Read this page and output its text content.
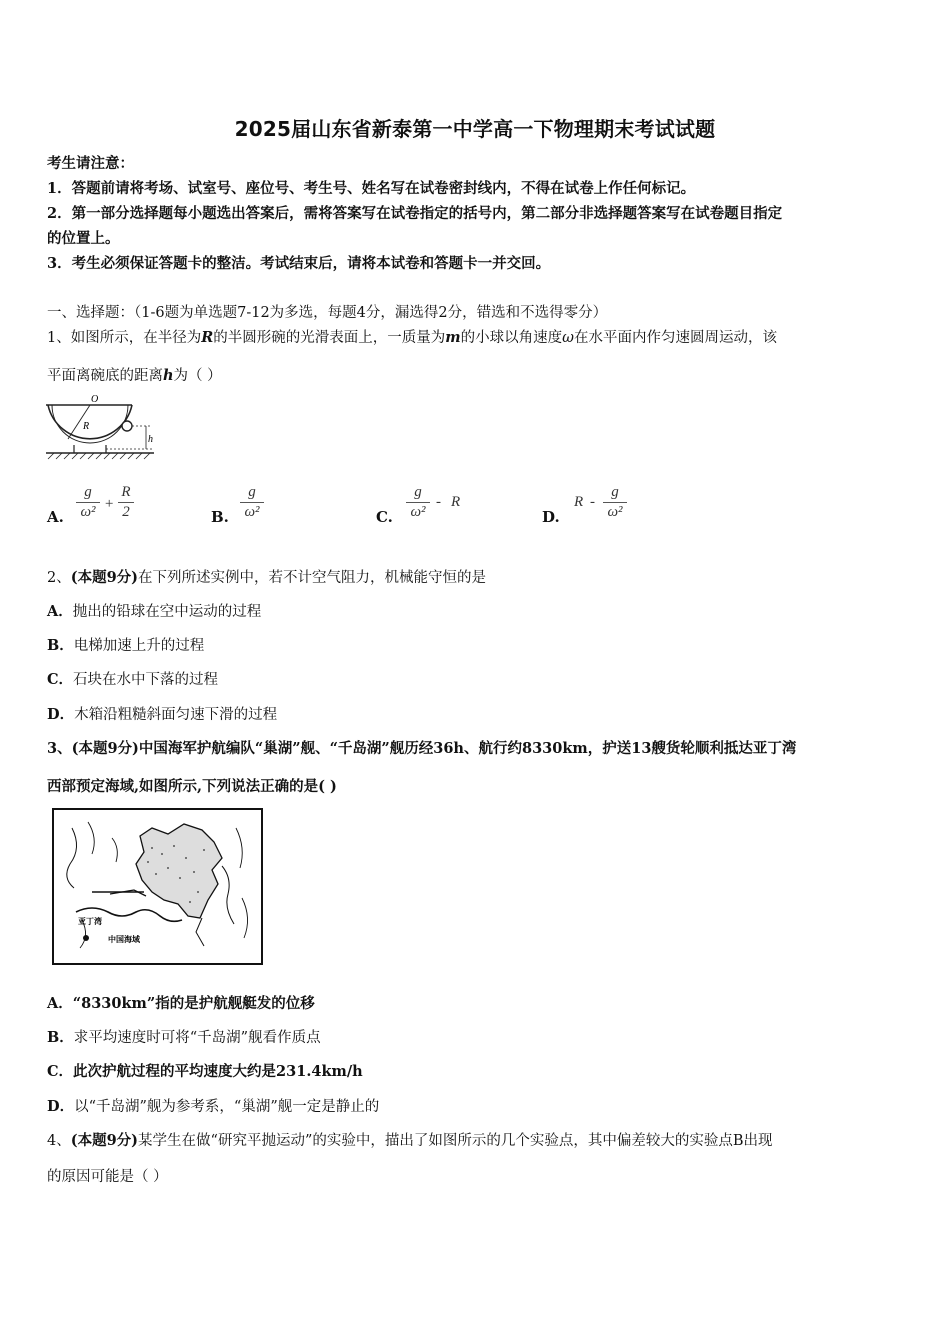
2025届山东省新泰第一中学高一下物理期末考试试题
考生请注意：
1．答题前请将考场、试室号、座位号、考生号、姓名写在试卷密封线内，不得在试卷上作任何标记。
2．第一部分选择题每小题选出答案后，需将答案写在试卷指定的括号内，第二部分非选择题答案写在试卷题目指定
的位置上。
3．考生必须保证答题卡的整洁。考试结束后，请将本试卷和答题卡一并交回。
一、选择题：（1-6题为单选题7-12为多选，每题4分，漏选得2分，错选和不选得零分）
1、如图所示，在半径为R的半圆形碗的光滑表面上，一质量为m的小球以角速度ω在水平面内作匀速圆周运动，该
平面离碗底的距离h为（ ）
O
R
h
A.
g
ω² +
R
2	B.
g
ω²	C.
g
ω²
- R
D.
R -
g
ω²
2、(本题9分)在下列所述实例中，若不计空气阻力，机械能守恒的是
A．抛出的铅球在空中运动的过程
B．电梯加速上升的过程
C．石块在水中下落的过程
D．木箱沿粗糙斜面匀速下滑的过程
3、(本题9分)中国海军护航编队“巢湖”舰、“千岛湖”舰历经36h、航行约8330km，护送13艘货轮顺利抵达亚丁湾
西部预定海域,如图所示,下列说法正确的是( )
亚丁湾
中国海域
A．“8330km”指的是护航舰艇发的位移
B．求平均速度时可将“千岛湖”舰看作质点
C．此次护航过程的平均速度大约是231.4km/h
D．以“千岛湖”舰为参考系，“巢湖”舰一定是静止的
4、(本题9分)某学生在做“研究平抛运动”的实验中，描出了如图所示的几个实验点，其中偏差较大的实验点B出现
的原因可能是（ ）
